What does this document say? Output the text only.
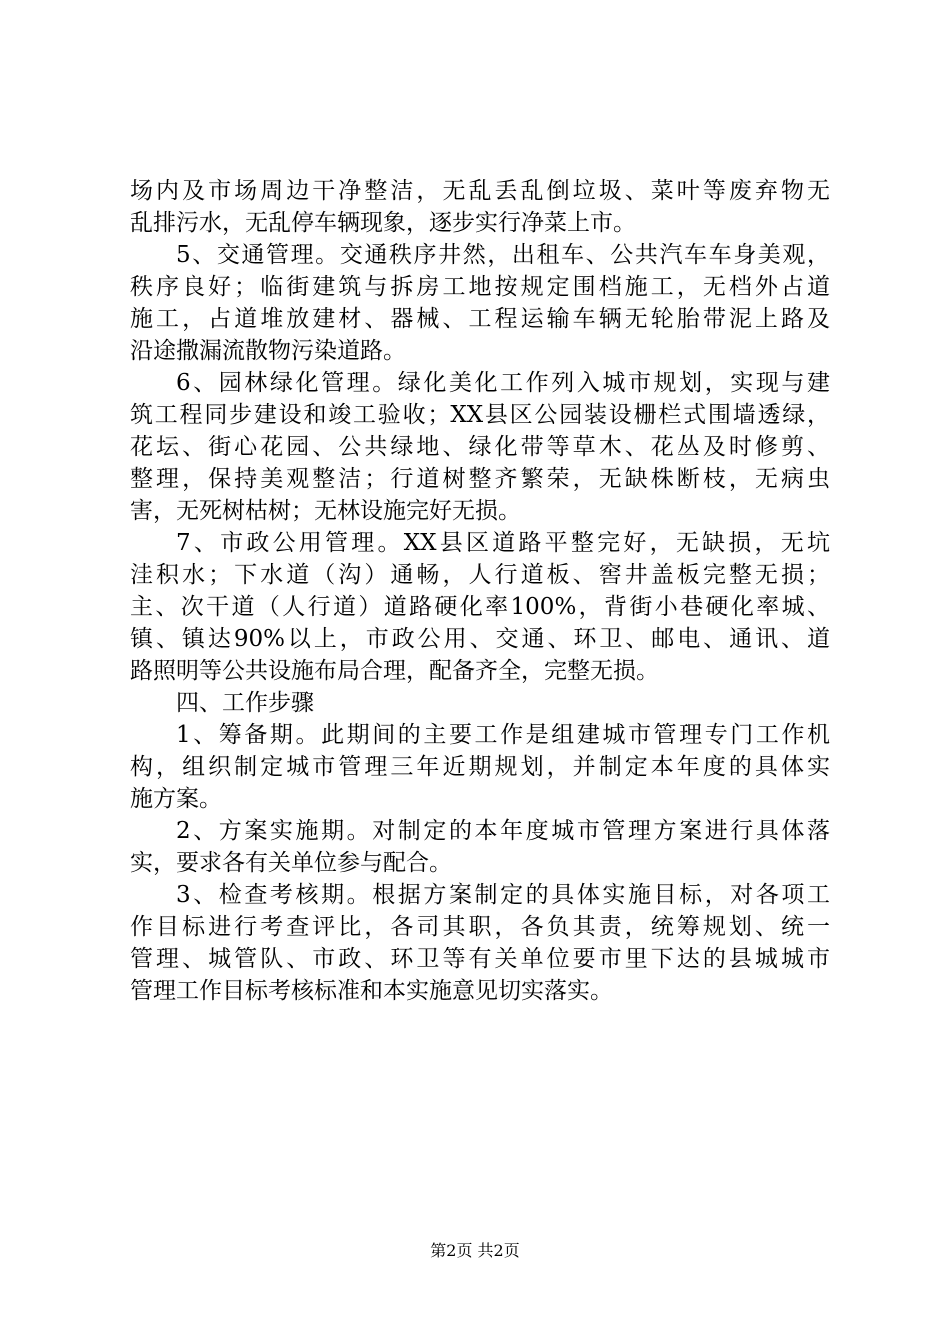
场内及市场周边干净整洁，无乱丢乱倒垃圾、菜叶等废弃物无
乱排污水，无乱停车辆现象，逐步实行净菜上市。
5、交通管理。交通秩序井然，出租车、公共汽车车身美观，
秩序良好；临街建筑与拆房工地按规定围档施工，无档外占道
施工，占道堆放建材、器械、工程运输车辆无轮胎带泥上路及
沿途撒漏流散物污染道路。
6、园林绿化管理。绿化美化工作列入城市规划，实现与建
筑工程同步建设和竣工验收；XX县区公园装设栅栏式围墙透绿，
花坛、街心花园、公共绿地、绿化带等草木、花丛及时修剪、
整理，保持美观整洁；行道树整齐繁荣，无缺株断枝，无病虫
害，无死树枯树；无林设施完好无损。
7、市政公用管理。XX县区道路平整完好，无缺损，无坑
洼积水；下水道（沟）通畅，人行道板、窖井盖板完整无损；
主、次干道（人行道）道路硬化率100%，背街小巷硬化率城、
镇、镇达90%以上，市政公用、交通、环卫、邮电、通讯、道
路照明等公共设施布局合理，配备齐全，完整无损。
四、工作步骤
1、筹备期。此期间的主要工作是组建城市管理专门工作机
构，组织制定城市管理三年近期规划，并制定本年度的具体实
施方案。
2、方案实施期。对制定的本年度城市管理方案进行具体落
实，要求各有关单位参与配合。
3、检查考核期。根据方案制定的具体实施目标，对各项工
作目标进行考查评比，各司其职，各负其责，统筹规划、统一
管理、城管队、市政、环卫等有关单位要市里下达的县城城市
管理工作目标考核标准和本实施意见切实落实。
第2页 共2页
